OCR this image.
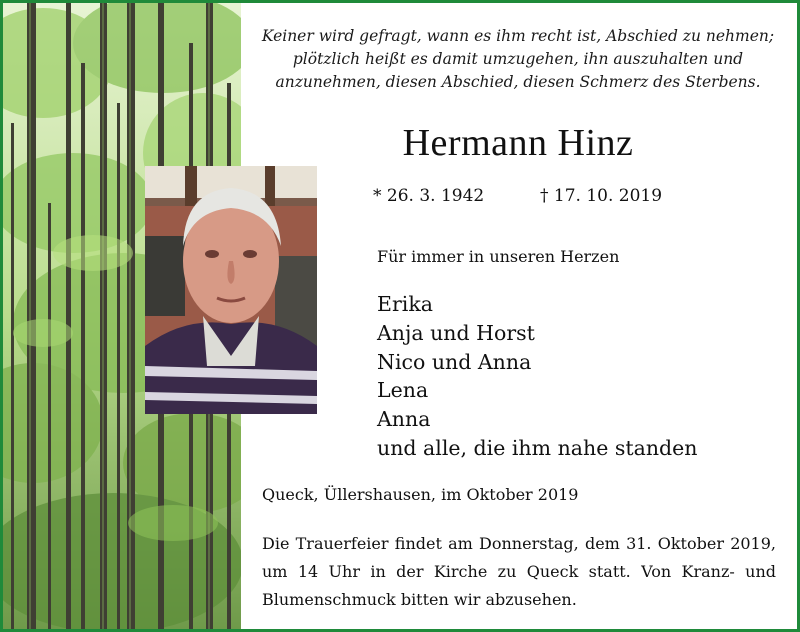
Keiner wird gefragt, wann es ihm recht ist, Abschied zu nehmen;
plötzlich heißt es damit umzugehen, ihn auszuhalten und
anzunehmen, diesen Abschied, diesen Schmerz des Sterbens.
Hermann Hinz
* 26. 3. 1942	† 17. 10. 2019
Für immer in unseren Herzen
Erika
Anja und Horst
Nico und Anna
Lena
Anna
und alle, die ihm nahe standen
Queck, Üllershausen, im Oktober 2019
Die Trauerfeier findet am Donnerstag, dem 31. Oktober 2019, um 14 Uhr in der Kirche zu Queck statt. Von Kranz- und Blumenschmuck bitten wir abzusehen.
